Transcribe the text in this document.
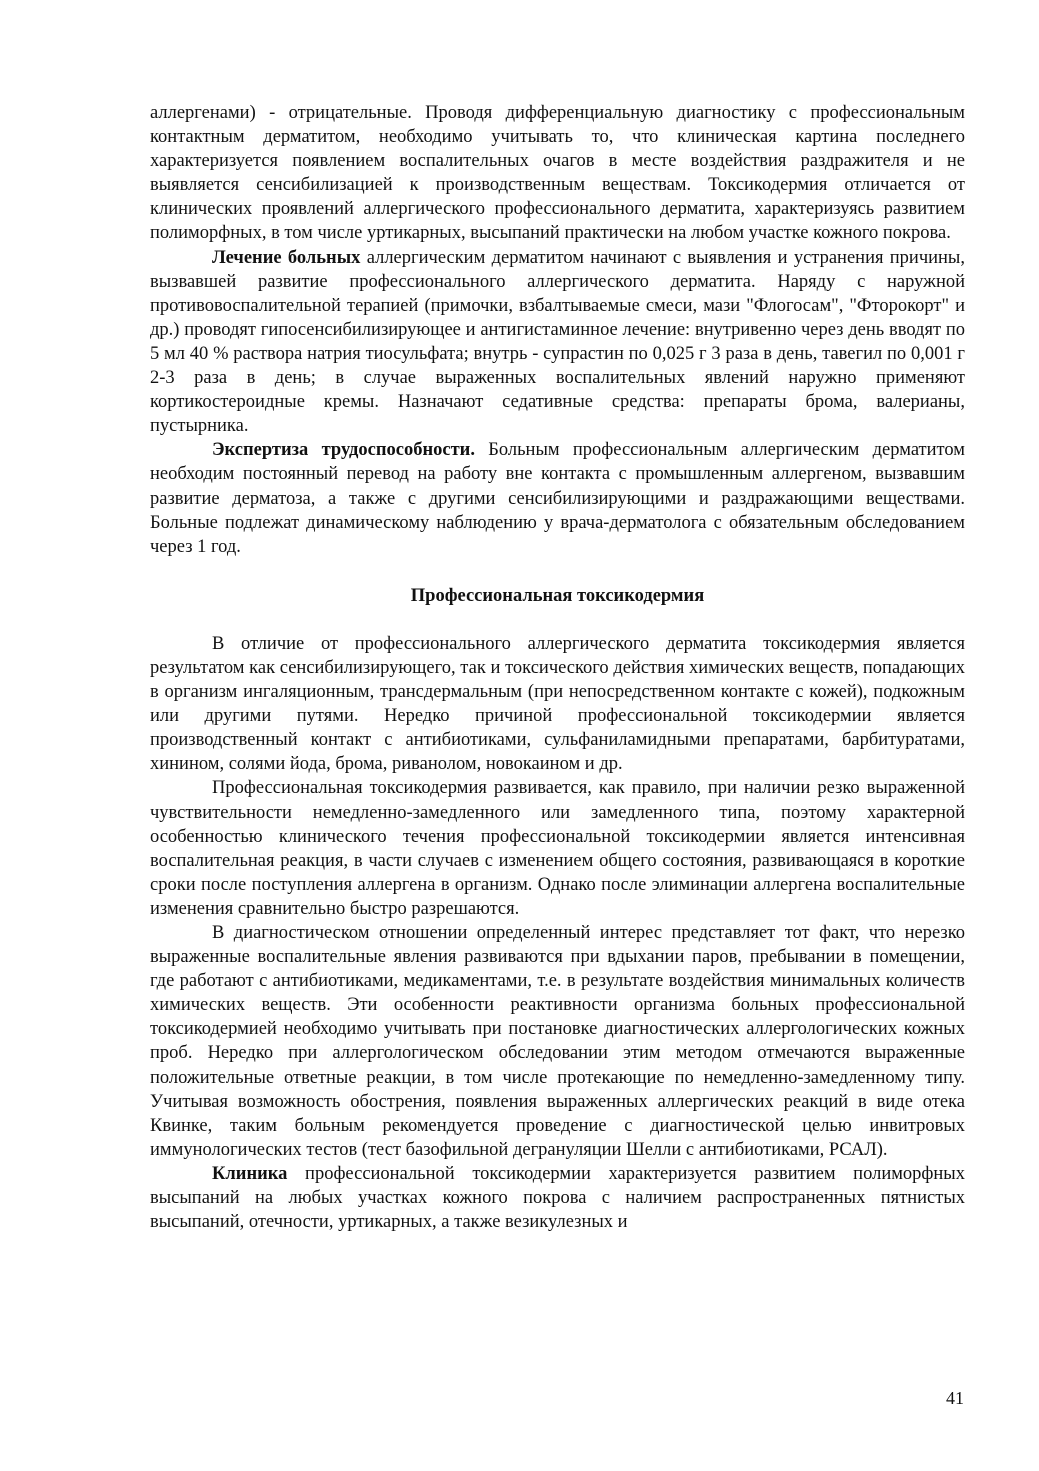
аллергенами) - отрицательные. Проводя дифференциальную диагностику с профессиональным контактным дерматитом, необходимо учитывать то, что клиническая картина последнего характеризуется появлением воспалительных очагов в месте воздействия раздражителя и не выявляется сенсибилизацией к производственным веществам. Токсикодермия отличается от клинических проявлений аллергического профессионального дерматита, характеризуясь развитием полиморфных, в том числе уртикарных, высыпаний практически на любом участке кожного покрова.

Лечение больных аллергическим дерматитом начинают с выявления и устранения причины, вызвавшей развитие профессионального аллергического дерматита. Наряду с наружной противовоспалительной терапией (примочки, взбалтываемые смеси, мази "Флогосам", "Фторокорт" и др.) проводят гипосенсибилизирующее и антигистаминное лечение: внутривенно через день вводят по 5 мл 40 % раствора натрия тиосульфата; внутрь - супрастин по 0,025 г 3 раза в день, тавегил по 0,001 г 2-3 раза в день; в случае выраженных воспалительных явлений наружно применяют кортикостероидные кремы. Назначают седативные средства: препараты брома, валерианы, пустырника.

Экспертиза трудоспособности. Больным профессиональным аллергическим дерматитом необходим постоянный перевод на работу вне контакта с промышленным аллергеном, вызвавшим развитие дерматоза, а также с другими сенсибилизирующими и раздражающими веществами. Больные подлежат динамическому наблюдению у врача-дерматолога с обязательным обследованием через 1 год.

Профессиональная токсикодермия

В отличие от профессионального аллергического дерматита токсикодермия является результатом как сенсибилизирующего, так и токсического действия химических веществ, попадающих в организм ингаляционным, трансдермальным (при непосредственном контакте с кожей), подкожным или другими путями. Нередко причиной профессиональной токсикодермии является производственный контакт с антибиотиками, сульфаниламидными препаратами, барбитуратами, хинином, солями йода, брома, риванолом, новокаином и др.

Профессиональная токсикодермия развивается, как правило, при наличии резко выраженной чувствительности немедленно-замедленного или замедленного типа, поэтому характерной особенностью клинического течения профессиональной токсикодермии является интенсивная воспалительная реакция, в части случаев с изменением общего состояния, развивающаяся в короткие сроки после поступления аллергена в организм. Однако после элиминации аллергена воспалительные изменения сравнительно быстро разрешаются.

В диагностическом отношении определенный интерес представляет тот факт, что нерезко выраженные воспалительные явления развиваются при вдыхании паров, пребывании в помещении, где работают с антибиотиками, медикаментами, т.е. в результате воздействия минимальных количеств химических веществ. Эти особенности реактивности организма больных профессиональной токсикодермией необходимо учитывать при постановке диагностических аллергологических кожных проб. Нередко при аллергологическом обследовании этим методом отмечаются выраженные положительные ответные реакции, в том числе протекающие по немедленно-замедленному типу. Учитывая возможность обострения, появления выраженных аллергических реакций в виде отека Квинке, таким больным рекомендуется проведение с диагностической целью инвитровых иммунологических тестов (тест базофильной дегрануляции Шелли с антибиотиками, РСАЛ).

Клиника профессиональной токсикодермии характеризуется развитием полиморфных высыпаний на любых участках кожного покрова с наличием распространенных пятнистых высыпаний, отечности, уртикарных, а также везикулезных и

41
